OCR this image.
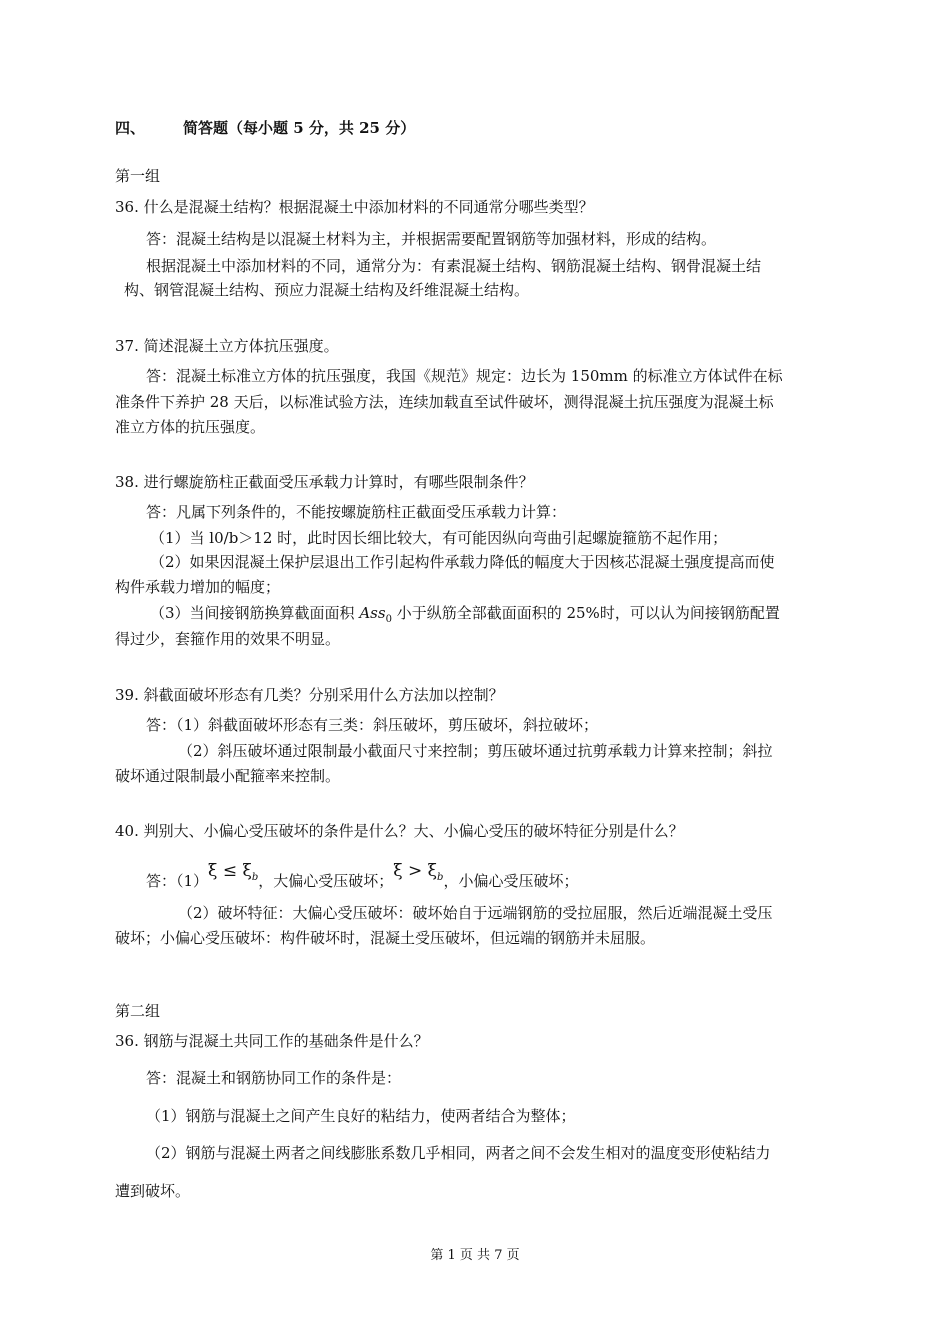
四、	简答题（每小题 5 分，共 25 分）
第一组
36. 什么是混凝土结构？根据混凝土中添加材料的不同通常分哪些类型？
答：混凝土结构是以混凝土材料为主，并根据需要配置钢筋等加强材料，形成的结构。
根据混凝土中添加材料的不同，通常分为：有素混凝土结构、钢筋混凝土结构、钢骨混凝土结
构、钢管混凝土结构、预应力混凝土结构及纤维混凝土结构。
37. 简述混凝土立方体抗压强度。
答：混凝土标准立方体的抗压强度，我国《规范》规定：边长为 150mm 的标准立方体试件在标
准条件下养护 28 天后，以标准试验方法，连续加载直至试件破坏，测得混凝土抗压强度为混凝土标
准立方体的抗压强度。
38. 进行螺旋筋柱正截面受压承载力计算时，有哪些限制条件？
答：凡属下列条件的，不能按螺旋筋柱正截面受压承载力计算：
（1）当 l0/b＞12 时，此时因长细比较大，有可能因纵向弯曲引起螺旋箍筋不起作用；
（2）如果因混凝土保护层退出工作引起构件承载力降低的幅度大于因核芯混凝土强度提高而使
构件承载力增加的幅度；
（3）当间接钢筋换算截面面积 Ass$_0$ 小于纵筋全部截面面积的 25%时，可以认为间接钢筋配置
得过少，套箍作用的效果不明显。
39. 斜截面破坏形态有几类？分别采用什么方法加以控制？
答：（1）斜截面破坏形态有三类：斜压破坏，剪压破坏，斜拉破坏；
（2）斜压破坏通过限制最小截面尺寸来控制；剪压破坏通过抗剪承载力计算来控制；斜拉
破坏通过限制最小配箍率来控制。
40. 判别大、小偏心受压破坏的条件是什么？大、小偏心受压的破坏特征分别是什么？
答：$(1)\xi \le \xi_b$，大偏心受压破坏；$\xi > \xi_b$，小偏心受压破坏；
（2）破坏特征：大偏心受压破坏：破坏始自于远端钢筋的受拉屈服，然后近端混凝土受压
破坏；小偏心受压破坏：构件破坏时，混凝土受压破坏，但远端的钢筋并未屈服。
第二组
36. 钢筋与混凝土共同工作的基础条件是什么？
答：混凝土和钢筋协同工作的条件是：
（1）钢筋与混凝土之间产生良好的粘结力，使两者结合为整体；
（2）钢筋与混凝土两者之间线膨胀系数几乎相同，两者之间不会发生相对的温度变形使粘结力
遭到破坏。
第 1 页 共 7 页
